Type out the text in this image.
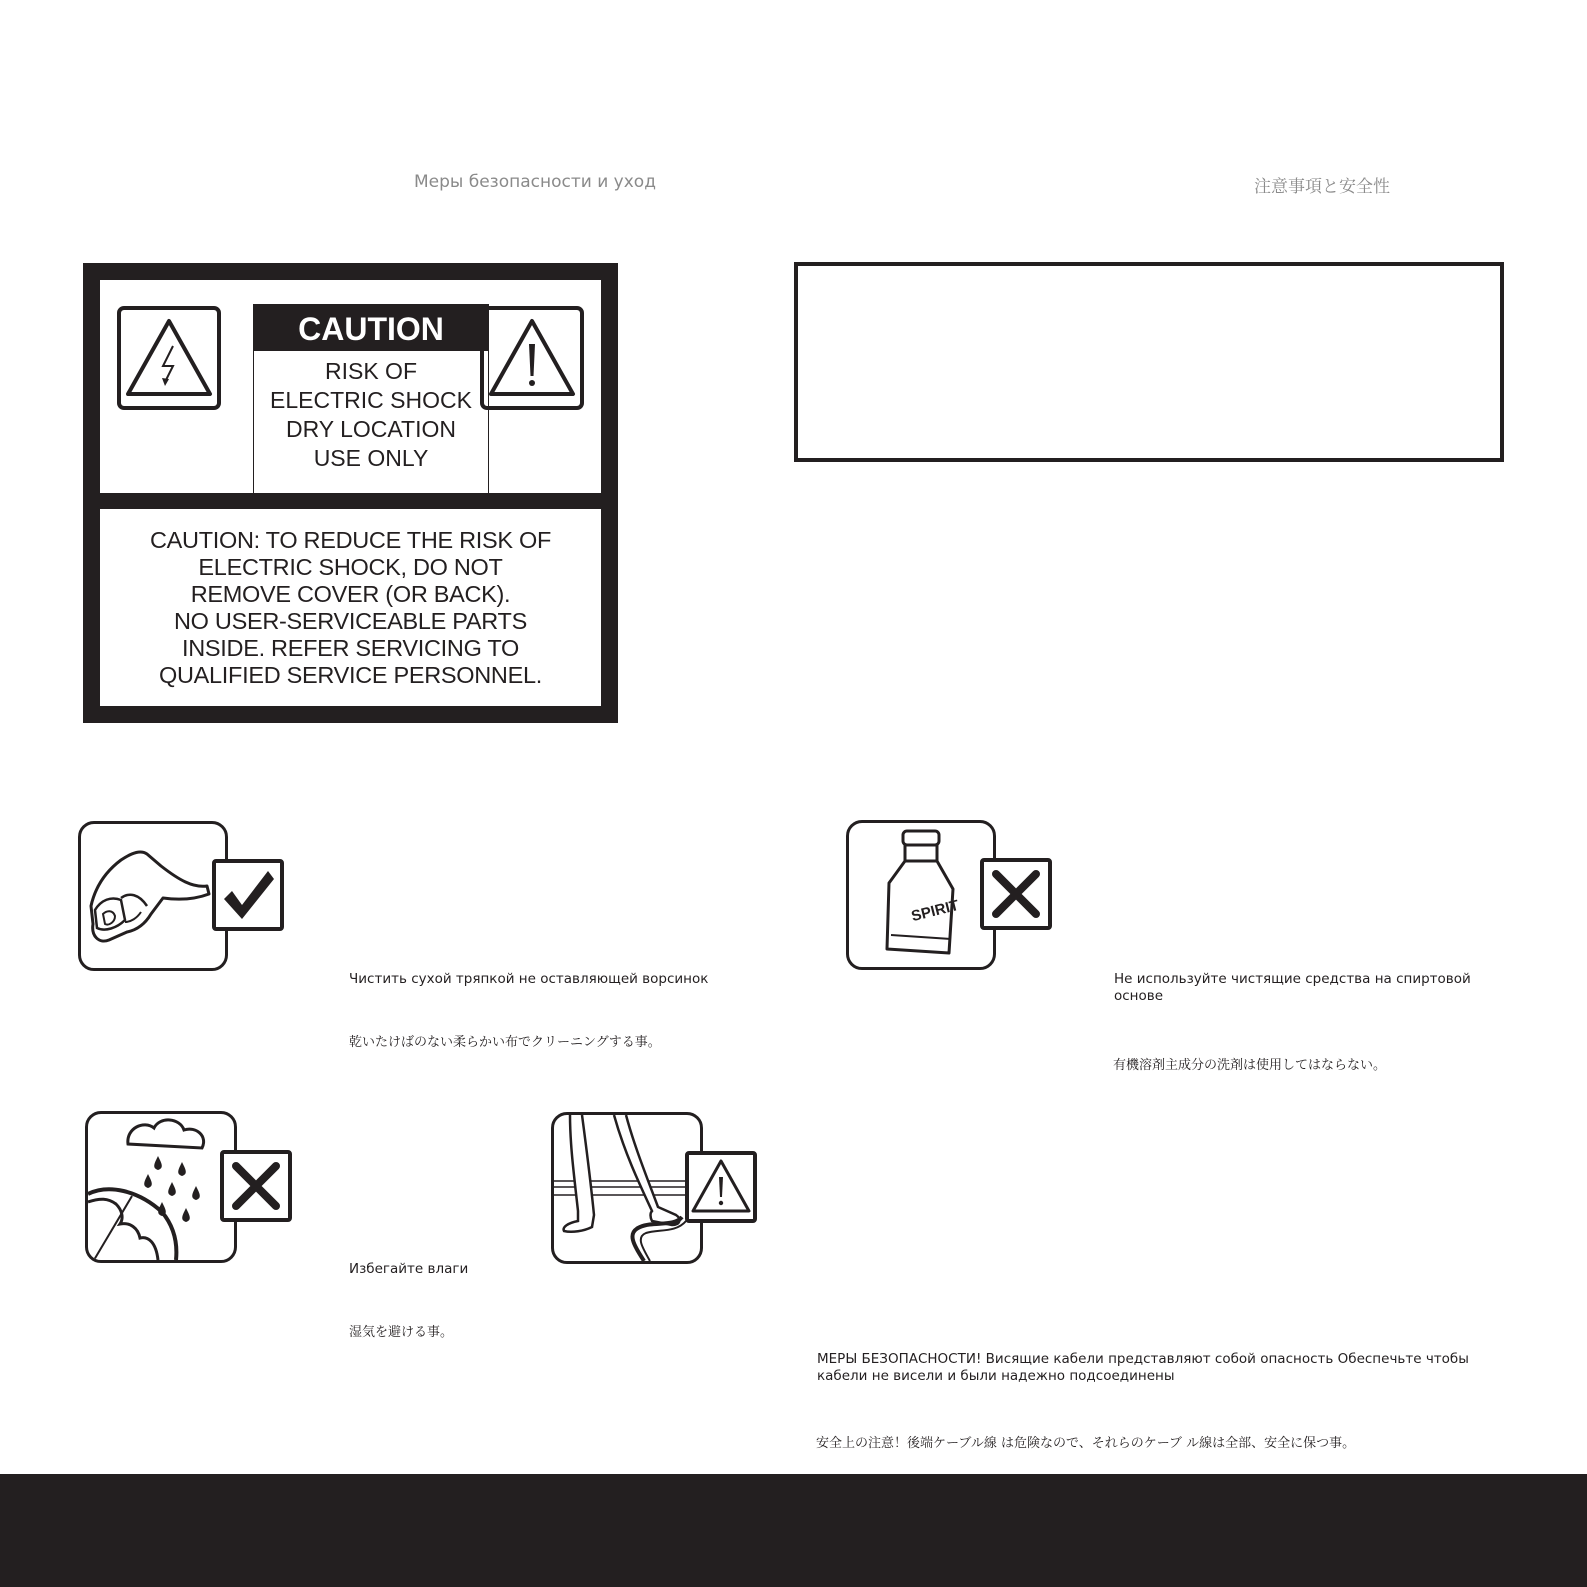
Меры безопасности и уход	注意事項と安全性
CAUTION
RISK OF
ELECTRIC SHOCK
DRY LOCATION
USE ONLY
CAUTION: TO REDUCE THE RISK OF
ELECTRIC SHOCK, DO NOT
REMOVE COVER (OR BACK).
NO USER-SERVICEABLE PARTS
INSIDE. REFER SERVICING TO
QUALIFIED SERVICE PERSONNEL.
Чистить сухой тряпкой не оставляющей ворсинок
乾いたけばのない柔らかい布でクリーニングする事。
SPIRIT
Не используйте чистящие средства на спиртовой основе
有機溶剤主成分の洗剤は使用してはならない。
Избегайте влаги
湿気を避ける事。
МЕРЫ БЕЗОПАСНОСТИ! Висящие кабели представляют собой опасность Обеспечьте чтобы кабели не висели и были надежно подсоединены
安全上の注意！後端ケーブル線 は危険なので、それらのケーブ ル線は全部、安全に保つ事。
